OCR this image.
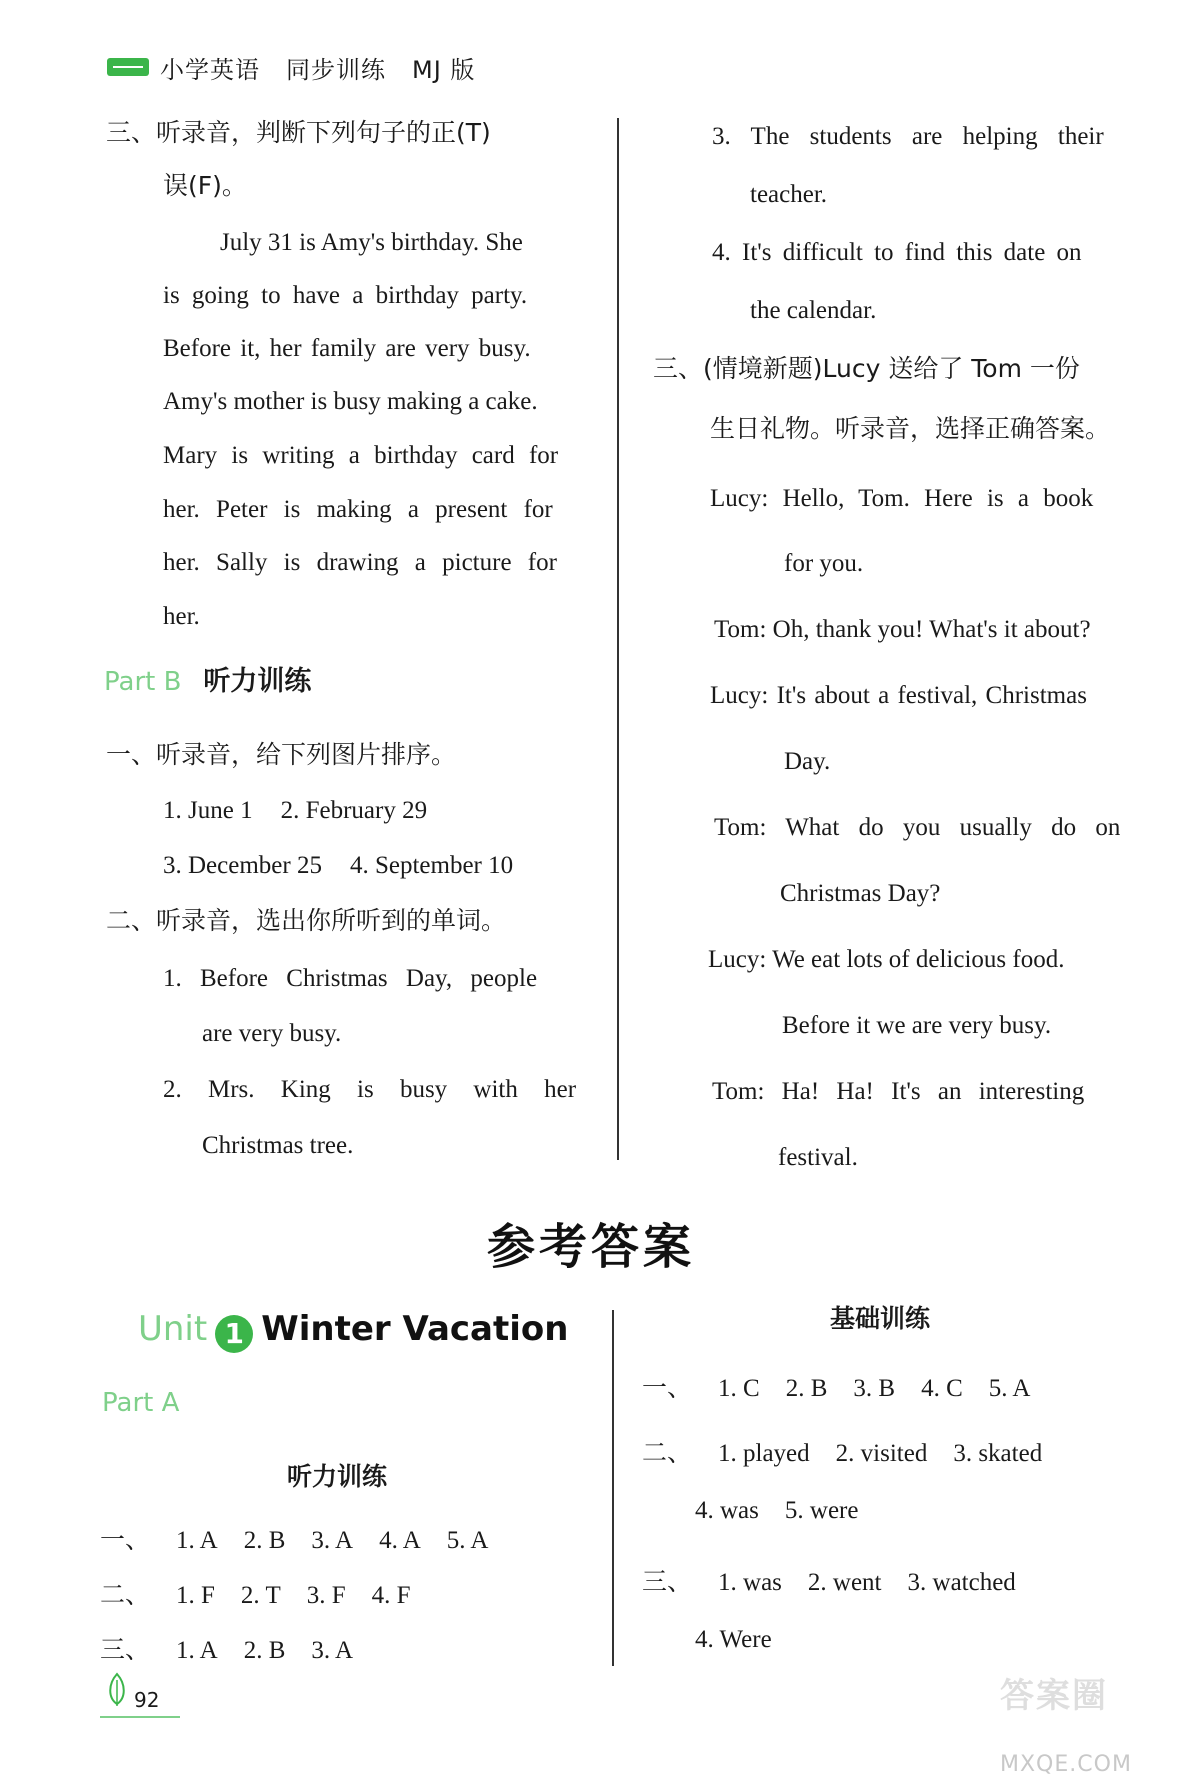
小学英语 同步训练 MJ 版
三、听录音，判断下列句子的正(T)
误(F)。
July 31 is Amy's birthday. She
is going to have a birthday party.
Before it, her family are very busy.
Amy's mother is busy making a cake.
Mary is writing a birthday card for
her. Peter is making a present for
her. Sally is drawing a picture for
her.
Part B 听力训练
一、听录音，给下列图片排序。
1. June 1 2. February 29
3. December 25 4. September 10
二、听录音，选出你所听到的单词。
1. Before Christmas Day, people
are very busy.
2. Mrs. King is busy with her
Christmas tree.
3. The students are helping their
teacher.
4. It's difficult to find this date on
the calendar.
三、(情境新题)Lucy 送给了 Tom 一份
生日礼物。听录音，选择正确答案。
Lucy: Hello, Tom. Here is a book
for you.
Tom: Oh, thank you! What's it about?
Lucy: It's about a festival, Christmas
Day.
Tom: What do you usually do on
Christmas Day?
Lucy: We eat lots of delicious food.
Before it we are very busy.
Tom: Ha! Ha! It's an interesting
festival.
参考答案
Unit 1 Winter Vacation
Part A
听力训练
一、 1. A 2. B 3. A 4. A 5. A
二、 1. F 2. T 3. F 4. F
三、 1. A 2. B 3. A
基础训练
一、 1. C 2. B 3. B 4. C 5. A
二、 1. played 2. visited 3. skated
4. was 5. were
三、 1. was 2. went 3. watched
4. Were
92	答案圈
MXQE.COM
